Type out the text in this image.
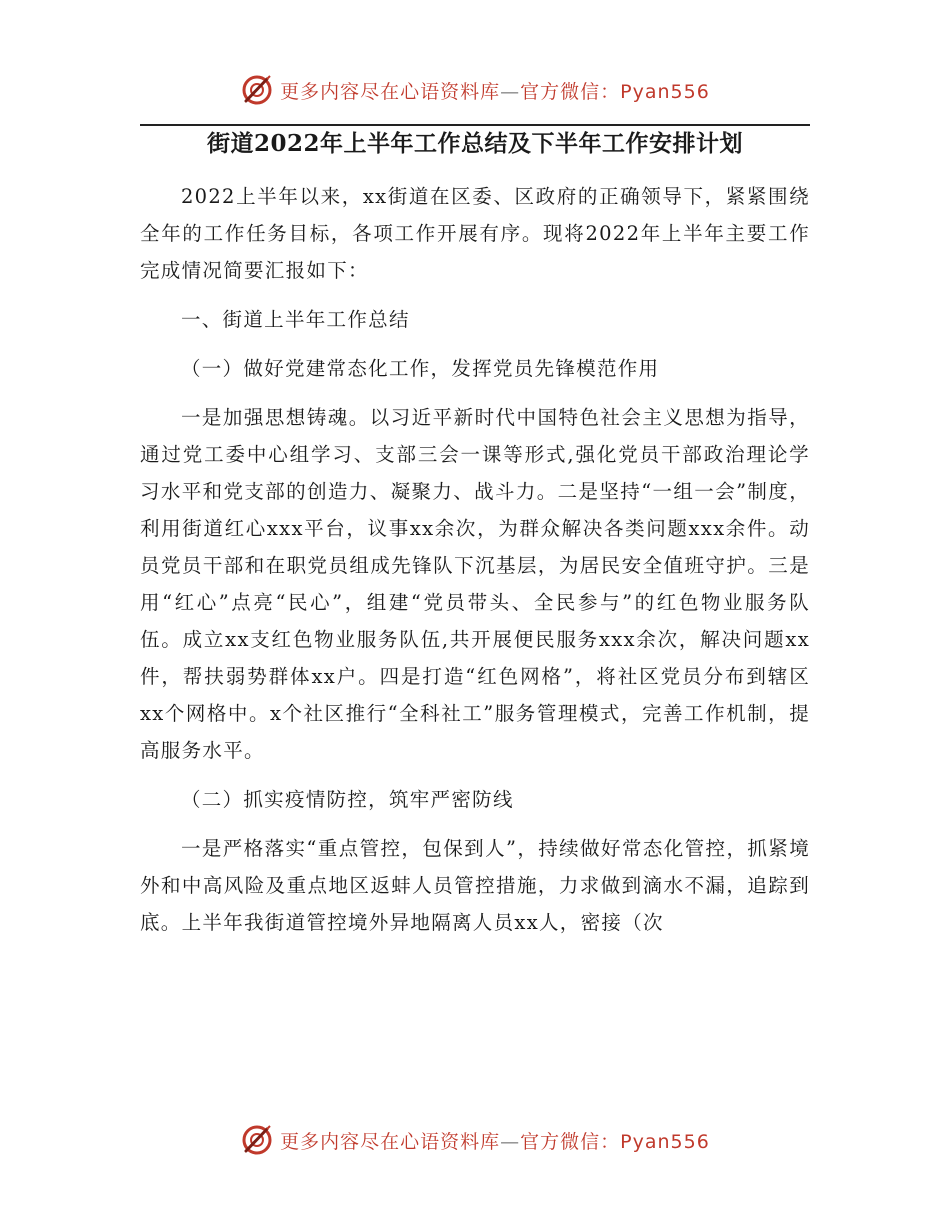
更多内容尽在心语资料库—官方微信：Pyan556
街道2022年上半年工作总结及下半年工作安排计划

2022上半年以来，xx街道在区委、区政府的正确领导下，紧紧围绕全年的工作任务目标，各项工作开展有序。现将2022年上半年主要工作完成情况简要汇报如下：

一、街道上半年工作总结

（一）做好党建常态化工作，发挥党员先锋模范作用

一是加强思想铸魂。以习近平新时代中国特色社会主义思想为指导，通过党工委中心组学习、支部三会一课等形式,强化党员干部政治理论学习水平和党支部的创造力、凝聚力、战斗力。二是坚持“一组一会”制度，利用街道红心xxx平台，议事xx余次，为群众解决各类问题xxx余件。动员党员干部和在职党员组成先锋队下沉基层，为居民安全值班守护。三是用“红心”点亮“民心”，组建“党员带头、全民参与”的红色物业服务队伍。成立xx支红色物业服务队伍,共开展便民服务xxx余次，解决问题xx件，帮扶弱势群体xx户。四是打造“红色网格”，将社区党员分布到辖区xx个网格中。x个社区推行“全科社工”服务管理模式，完善工作机制，提高服务水平。

（二）抓实疫情防控，筑牢严密防线

一是严格落实“重点管控，包保到人”，持续做好常态化管控，抓紧境外和中高风险及重点地区返蚌人员管控措施，力求做到滴水不漏，追踪到底。上半年我街道管控境外异地隔离人员xx人，密接（次

更多内容尽在心语资料库—官方微信：Pyan556
